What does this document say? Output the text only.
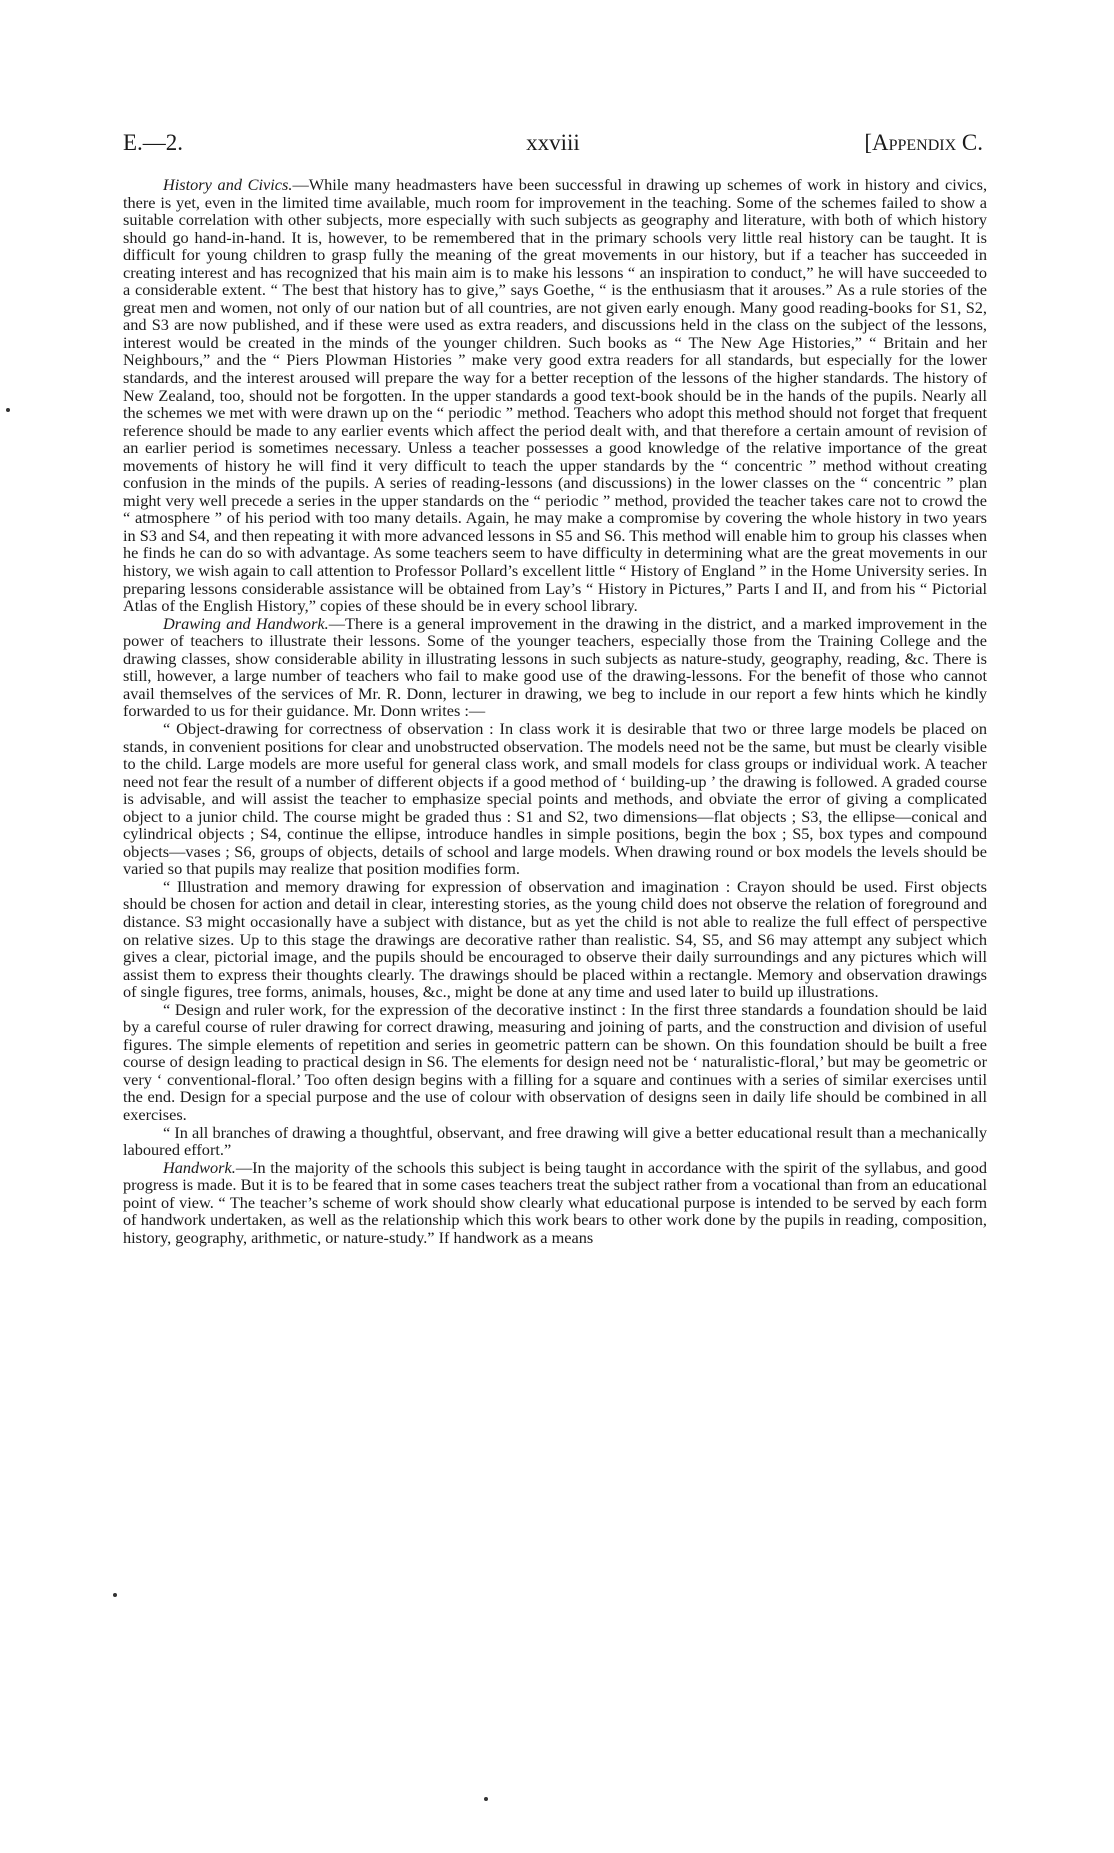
E.—2.	xxviii	[Appendix C.

History and Civics.—While many headmasters have been successful in drawing up schemes of work in history and civics, there is yet, even in the limited time available, much room for improvement in the teaching. Some of the schemes failed to show a suitable correlation with other subjects, more especially with such subjects as geography and literature, with both of which history should go hand-in-hand. It is, however, to be remembered that in the primary schools very little real history can be taught. It is difficult for young children to grasp fully the meaning of the great movements in our history, but if a teacher has succeeded in creating interest and has recognized that his main aim is to make his lessons “ an inspiration to conduct,” he will have succeeded to a considerable extent. “ The best that history has to give,” says Goethe, “ is the enthusiasm that it arouses.” As a rule stories of the great men and women, not only of our nation but of all countries, are not given early enough. Many good reading-books for S1, S2, and S3 are now published, and if these were used as extra readers, and discussions held in the class on the subject of the lessons, interest would be created in the minds of the younger children. Such books as “ The New Age Histories,” “ Britain and her Neighbours,” and the “ Piers Plowman Histories ” make very good extra readers for all standards, but especially for the lower standards, and the interest aroused will prepare the way for a better reception of the lessons of the higher standards. The history of New Zealand, too, should not be forgotten. In the upper standards a good text-book should be in the hands of the pupils. Nearly all the schemes we met with were drawn up on the “ periodic ” method. Teachers who adopt this method should not forget that frequent reference should be made to any earlier events which affect the period dealt with, and that therefore a certain amount of revision of an earlier period is sometimes necessary. Unless a teacher possesses a good knowledge of the relative importance of the great movements of history he will find it very difficult to teach the upper standards by the “ concentric ” method without creating confusion in the minds of the pupils. A series of reading-lessons (and discussions) in the lower classes on the “ concentric ” plan might very well precede a series in the upper standards on the “ periodic ” method, provided the teacher takes care not to crowd the “ atmosphere ” of his period with too many details. Again, he may make a compromise by covering the whole history in two years in S3 and S4, and then repeating it with more advanced lessons in S5 and S6. This method will enable him to group his classes when he finds he can do so with advantage. As some teachers seem to have difficulty in determining what are the great movements in our history, we wish again to call attention to Professor Pollard’s excellent little “ History of England ” in the Home University series. In preparing lessons considerable assistance will be obtained from Lay’s “ History in Pictures,” Parts I and II, and from his “ Pictorial Atlas of the English History,” copies of these should be in every school library.

Drawing and Handwork.—There is a general improvement in the drawing in the district, and a marked improvement in the power of teachers to illustrate their lessons. Some of the younger teachers, especially those from the Training College and the drawing classes, show considerable ability in illustrating lessons in such subjects as nature-study, geography, reading, &c. There is still, however, a large number of teachers who fail to make good use of the drawing-lessons. For the benefit of those who cannot avail themselves of the services of Mr. R. Donn, lecturer in drawing, we beg to include in our report a few hints which he kindly forwarded to us for their guidance. Mr. Donn writes :—

“ Object-drawing for correctness of observation : In class work it is desirable that two or three large models be placed on stands, in convenient positions for clear and unobstructed observation. The models need not be the same, but must be clearly visible to the child. Large models are more useful for general class work, and small models for class groups or individual work. A teacher need not fear the result of a number of different objects if a good method of ‘ building-up ’ the drawing is followed. A graded course is advisable, and will assist the teacher to emphasize special points and methods, and obviate the error of giving a complicated object to a junior child. The course might be graded thus : S1 and S2, two dimensions—flat objects ; S3, the ellipse—conical and cylindrical objects ; S4, continue the ellipse, introduce handles in simple positions, begin the box ; S5, box types and compound objects—vases ; S6, groups of objects, details of school and large models. When drawing round or box models the levels should be varied so that pupils may realize that position modifies form.

“ Illustration and memory drawing for expression of observation and imagination : Crayon should be used. First objects should be chosen for action and detail in clear, interesting stories, as the young child does not observe the relation of foreground and distance. S3 might occasionally have a subject with distance, but as yet the child is not able to realize the full effect of perspective on relative sizes. Up to this stage the drawings are decorative rather than realistic. S4, S5, and S6 may attempt any subject which gives a clear, pictorial image, and the pupils should be encouraged to observe their daily surroundings and any pictures which will assist them to express their thoughts clearly. The drawings should be placed within a rectangle. Memory and observation drawings of single figures, tree forms, animals, houses, &c., might be done at any time and used later to build up illustrations.

“ Design and ruler work, for the expression of the decorative instinct : In the first three standards a foundation should be laid by a careful course of ruler drawing for correct drawing, measuring and joining of parts, and the construction and division of useful figures. The simple elements of repetition and series in geometric pattern can be shown. On this foundation should be built a free course of design leading to practical design in S6. The elements for design need not be ‘ naturalistic-floral,’ but may be geometric or very ‘ conventional-floral.’ Too often design begins with a filling for a square and continues with a series of similar exercises until the end. Design for a special purpose and the use of colour with observation of designs seen in daily life should be combined in all exercises.

“ In all branches of drawing a thoughtful, observant, and free drawing will give a better educational result than a mechanically laboured effort.”

Handwork.—In the majority of the schools this subject is being taught in accordance with the spirit of the syllabus, and good progress is made. But it is to be feared that in some cases teachers treat the subject rather from a vocational than from an educational point of view. “ The teacher’s scheme of work should show clearly what educational purpose is intended to be served by each form of handwork undertaken, as well as the relationship which this work bears to other work done by the pupils in reading, composition, history, geography, arithmetic, or nature-study.” If handwork as a means
